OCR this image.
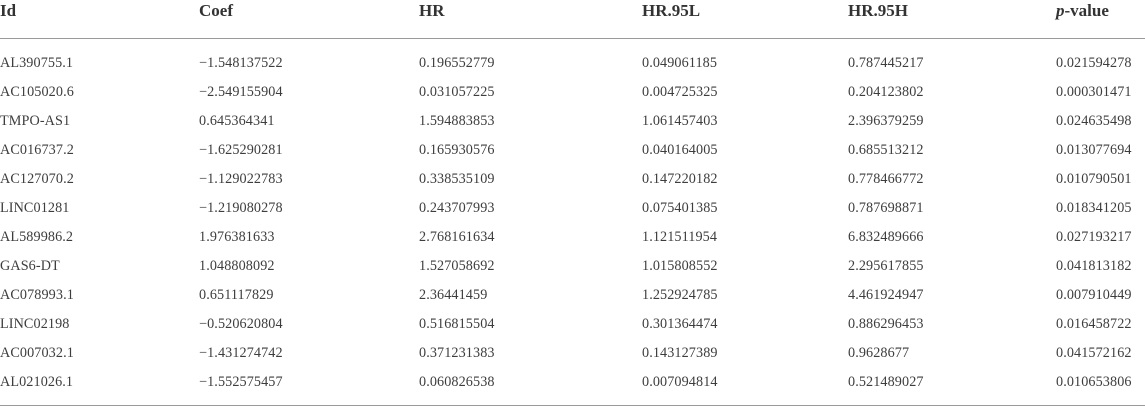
Id	Coef	HR	HR.95L	HR.95H	p-value
AL390755.1	−1.548137522	0.196552779	0.049061185	0.787445217	0.021594278
AC105020.6	−2.549155904	0.031057225	0.004725325	0.204123802	0.000301471
TMPO-AS1	0.645364341	1.594883853	1.061457403	2.396379259	0.024635498
AC016737.2	−1.625290281	0.165930576	0.040164005	0.685513212	0.013077694
AC127070.2	−1.129022783	0.338535109	0.147220182	0.778466772	0.010790501
LINC01281	−1.219080278	0.243707993	0.075401385	0.787698871	0.018341205
AL589986.2	1.976381633	2.768161634	1.121511954	6.832489666	0.027193217
GAS6-DT	1.048808092	1.527058692	1.015808552	2.295617855	0.041813182
AC078993.1	0.651117829	2.36441459	1.252924785	4.461924947	0.007910449
LINC02198	−0.520620804	0.516815504	0.301364474	0.886296453	0.016458722
AC007032.1	−1.431274742	0.371231383	0.143127389	0.9628677	0.041572162
AL021026.1	−1.552575457	0.060826538	0.007094814	0.521489027	0.010653806
